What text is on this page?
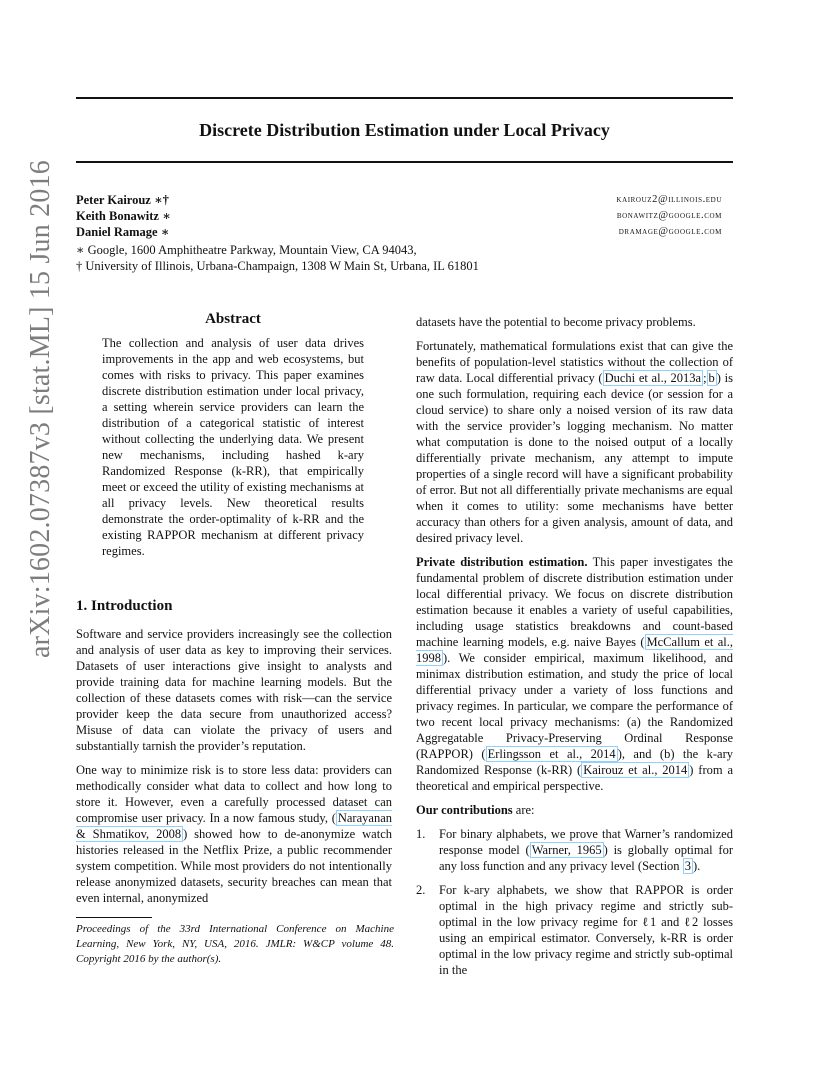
Discrete Distribution Estimation under Local Privacy
Peter Kairouz ∗†
Keith Bonawitz ∗
Daniel Ramage ∗
kairouz2@illinois.edu
bonawitz@google.com
dramage@google.com
∗ Google, 1600 Amphitheatre Parkway, Mountain View, CA 94043,
† University of Illinois, Urbana-Champaign, 1308 W Main St, Urbana, IL 61801
arXiv:1602.07387v3 [stat.ML] 15 Jun 2016	Abstract

The collection and analysis of user data drives improvements in the app and web ecosystems, but comes with risks to privacy. This paper examines discrete distribution estimation under local privacy, a setting wherein service providers can learn the distribution of a categorical statistic of interest without collecting the underlying data. We present new mechanisms, including hashed k-ary Randomized Response (k-RR), that empirically meet or exceed the utility of existing mechanisms at all privacy levels. New theoretical results demonstrate the order-optimality of k-RR and the existing RAPPOR mechanism at different privacy regimes.

1. Introduction

Software and service providers increasingly see the collection and analysis of user data as key to improving their services. Datasets of user interactions give insight to analysts and provide training data for machine learning models. But the collection of these datasets comes with risk—can the service provider keep the data secure from unauthorized access? Misuse of data can violate the privacy of users and substantially tarnish the provider’s reputation.

One way to minimize risk is to store less data: providers can methodically consider what data to collect and how long to store it. However, even a carefully processed dataset can compromise user privacy. In a now famous study, ( Narayanan & Shmatikov, 2008 ) showed how to de-anonymize watch histories released in the Netflix Prize, a public recommender system competition. While most providers do not intentionally release anonymized datasets, security breaches can mean that even internal, anonymized

Proceedings of the 33rd International Conference on Machine Learning, New York, NY, USA, 2016. JMLR: W&CP volume 48. Copyright 2016 by the author(s).

datasets have the potential to become privacy problems.

Fortunately, mathematical formulations exist that can give the benefits of population-level statistics without the collection of raw data. Local differential privacy ( Duchi et al., 2013a ; b ) is one such formulation, requiring each device (or session for a cloud service) to share only a noised version of its raw data with the service provider’s logging mechanism. No matter what computation is done to the noised output of a locally differentially private mechanism, any attempt to impute properties of a single record will have a significant probability of error. But not all differentially private mechanisms are equal when it comes to utility: some mechanisms have better accuracy than others for a given analysis, amount of data, and desired privacy level.

Private distribution estimation. This paper investigates the fundamental problem of discrete distribution estimation under local differential privacy. We focus on discrete distribution estimation because it enables a variety of useful capabilities, including usage statistics breakdowns and count-based machine learning models, e.g. naive Bayes ( McCallum et al., 1998 ). We consider empirical, maximum likelihood, and minimax distribution estimation, and study the price of local differential privacy under a variety of loss functions and privacy regimes. In particular, we compare the performance of two recent local privacy mechanisms: (a) the Randomized Aggregatable Privacy-Preserving Ordinal Response (RAPPOR) ( Erlingsson et al., 2014 ), and (b) the k-ary Randomized Response (k-RR) ( Kairouz et al., 2014 ) from a theoretical and empirical perspective.

Our contributions are:

1. For binary alphabets, we prove that Warner’s randomized response model ( Warner, 1965 ) is globally optimal for any loss function and any privacy level (Section 3 ).
2. For k-ary alphabets, we show that RAPPOR is order optimal in the high privacy regime and strictly sub-optimal in the low privacy regime for ℓ1 and ℓ2 losses using an empirical estimator. Conversely, k-RR is order optimal in the low privacy regime and strictly sub-optimal in the
